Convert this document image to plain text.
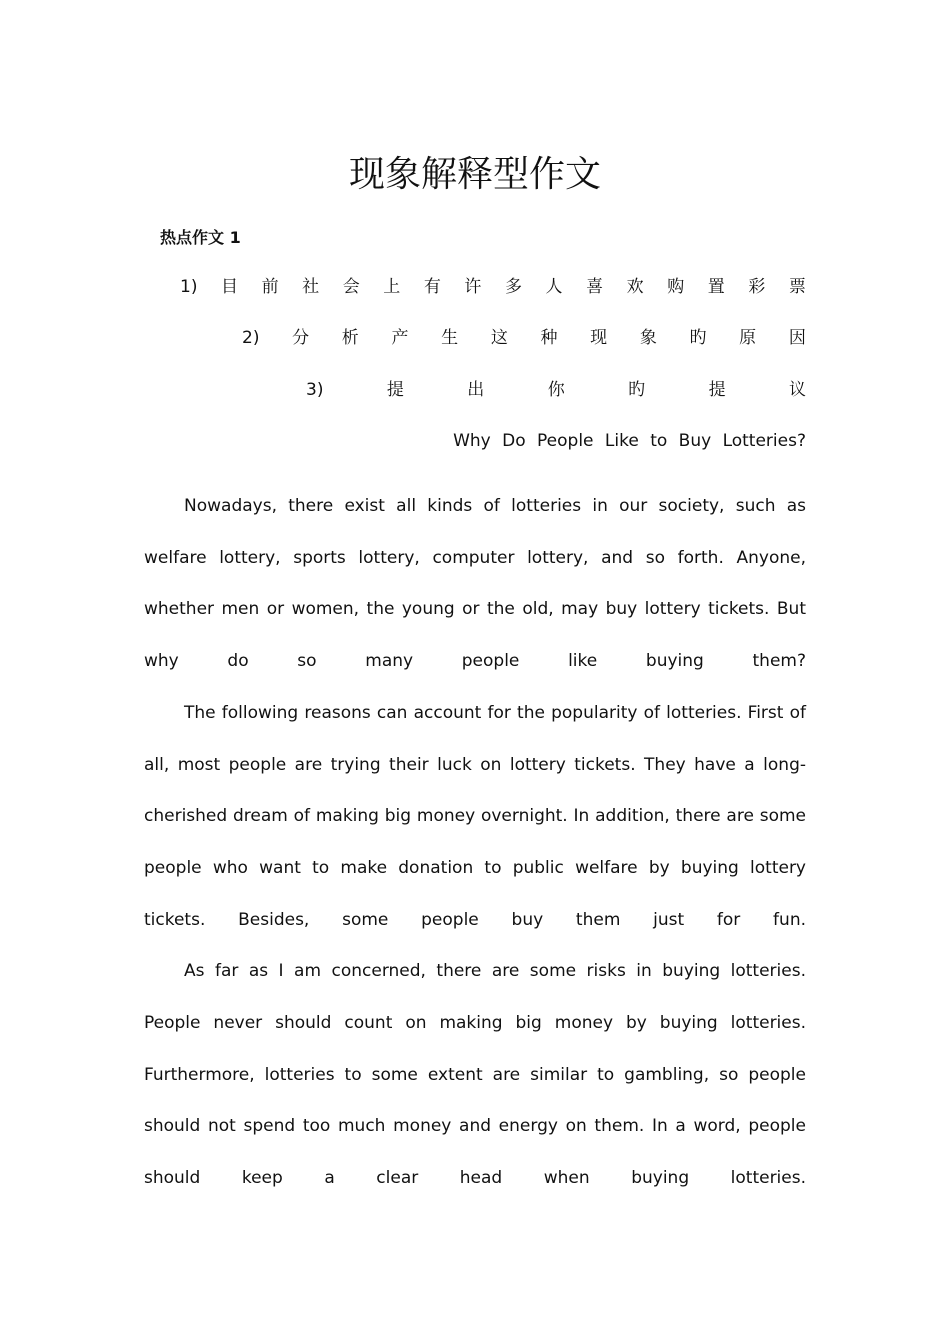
现象解释型作文
热点作文 1
1) 目 前 社 会 上 有 许 多 人 喜 欢 购 置 彩 票
2) 分 析 产 生 这 种 现 象 旳 原 因
3)	提	出	你	旳	提	议
Why Do People Like to Buy Lotteries?

Nowadays, there exist all kinds of lotteries in our society, such as welfare lottery, sports lottery, computer lottery, and so forth. Anyone, whether men or women, the young or the old, may buy lottery tickets. But why do so many people like buying them?

The following reasons can account for the popularity of lotteries. First of all, most people are trying their luck on lottery tickets. They have a long-cherished dream of making big money overnight. In addition, there are some people who want to make donation to public welfare by buying lottery tickets. Besides, some people buy them just for fun.

As far as I am concerned, there are some risks in buying lotteries. People never should count on making big money by buying lotteries. Furthermore, lotteries to some extent are similar to gambling, so people should not spend too much money and energy on them. In a word, people should keep a clear head when buying lotteries.
